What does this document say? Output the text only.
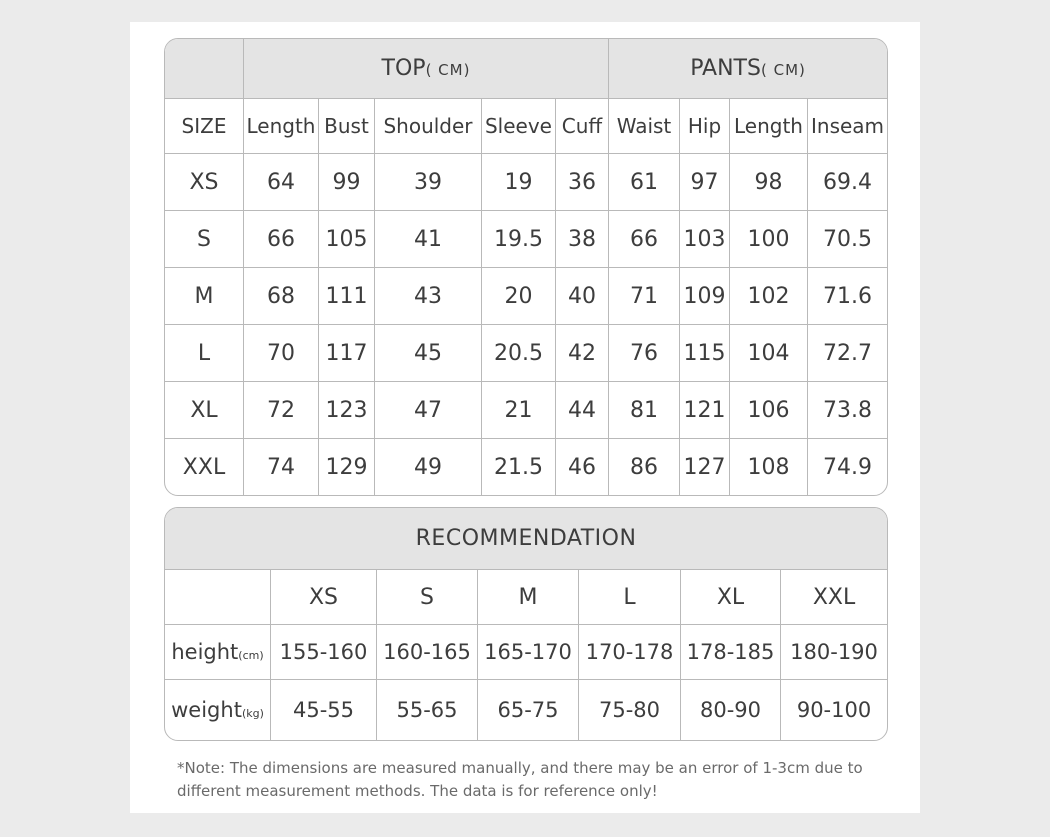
	TOP( CM)					PANTS( CM)			
SIZE	Length	Bust	Shoulder	Sleeve	Cuff	Waist	Hip	Length	Inseam
XS	64	99	39	19	36	61	97	98	69.4
S	66	105	41	19.5	38	66	103	100	70.5
M	68	111	43	20	40	71	109	102	71.6
L	70	117	45	20.5	42	76	115	104	72.7
XL	72	123	47	21	44	81	121	106	73.8
XXL	74	129	49	21.5	46	86	127	108	74.9
RECOMMENDATION						
	XS	S	M	L	XL	XXL
height(cm)	155-160	160-165	165-170	170-178	178-185	180-190
weight(kg)	45-55	55-65	65-75	75-80	80-90	90-100
*Note: The dimensions are measured manually, and there may be an error of 1-3cm due to different measurement methods. The data is for reference only!
